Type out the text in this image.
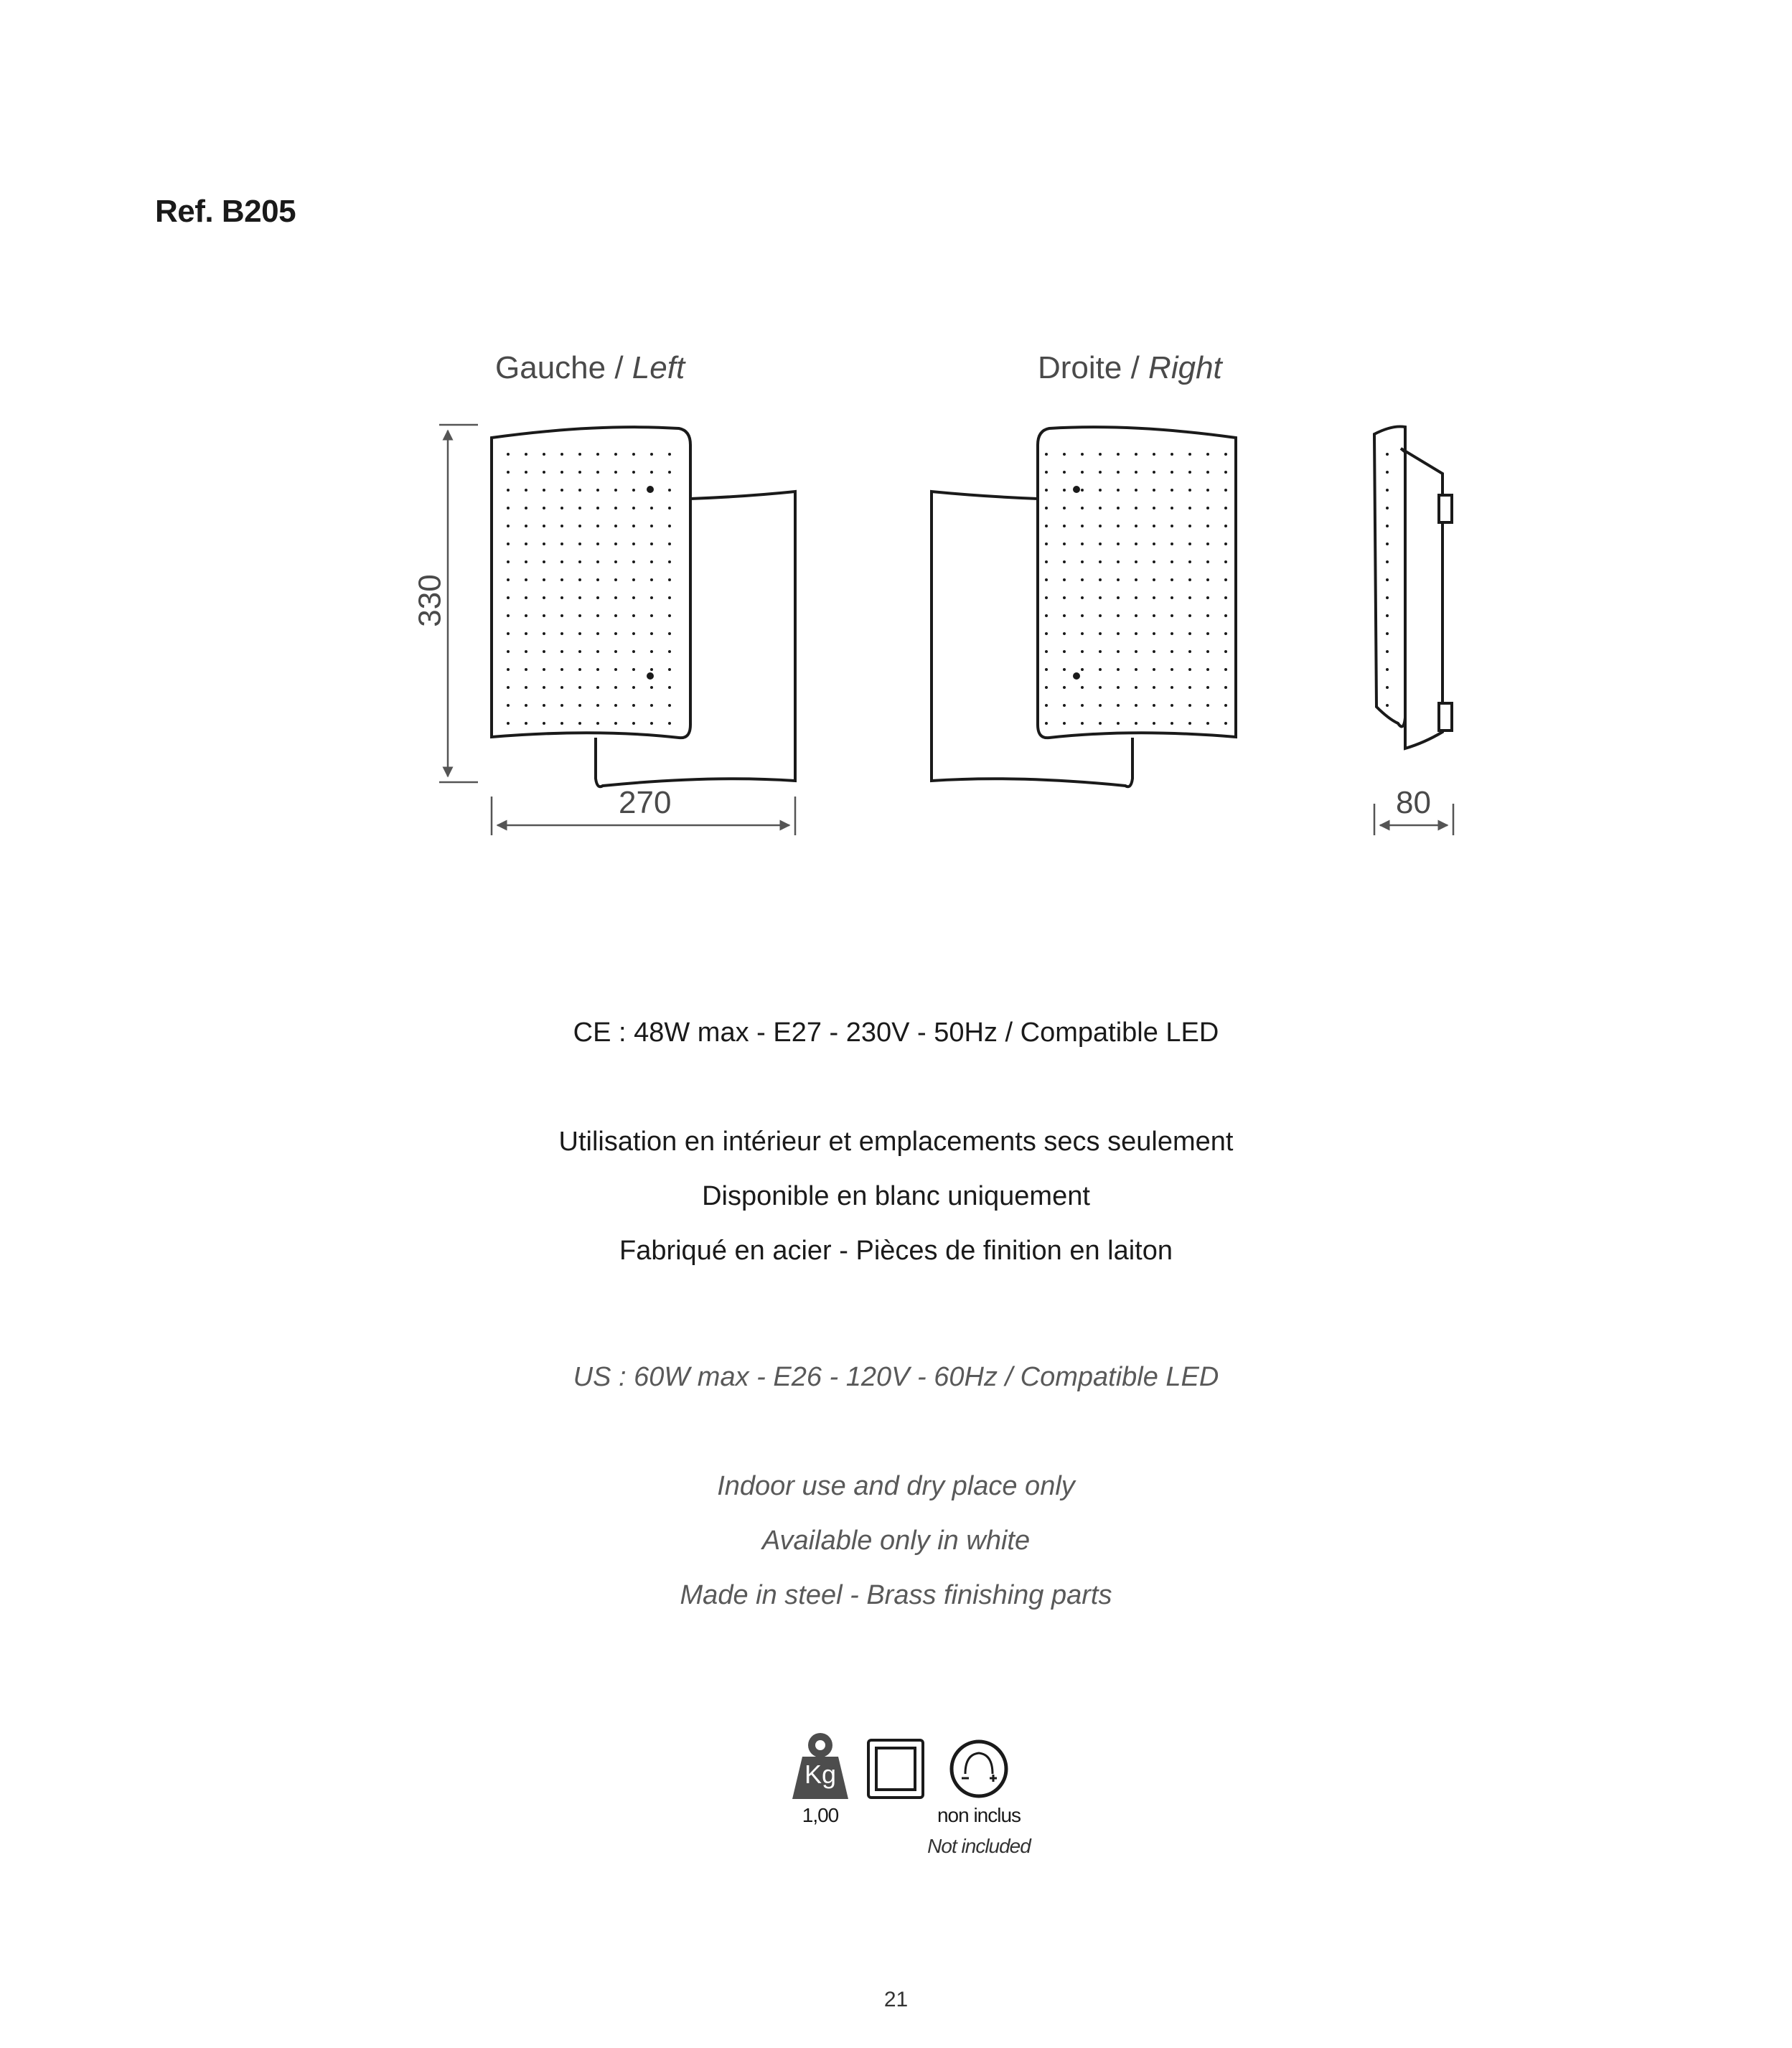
Ref. B205
Gauche / Left	Droite / Right
330
270	80
CE : 48W max - E27 - 230V - 50Hz / Compatible LED
Utilisation en intérieur et emplacements secs seulement
Disponible en blanc uniquement
Fabriqué en acier - Pièces de finition en laiton
US : 60W max - E26 - 120V - 60Hz / Compatible LED
Indoor use and dry place only
Available only in white
Made in steel - Brass finishing parts
Kg
1,00	non inclus
Not included
21
